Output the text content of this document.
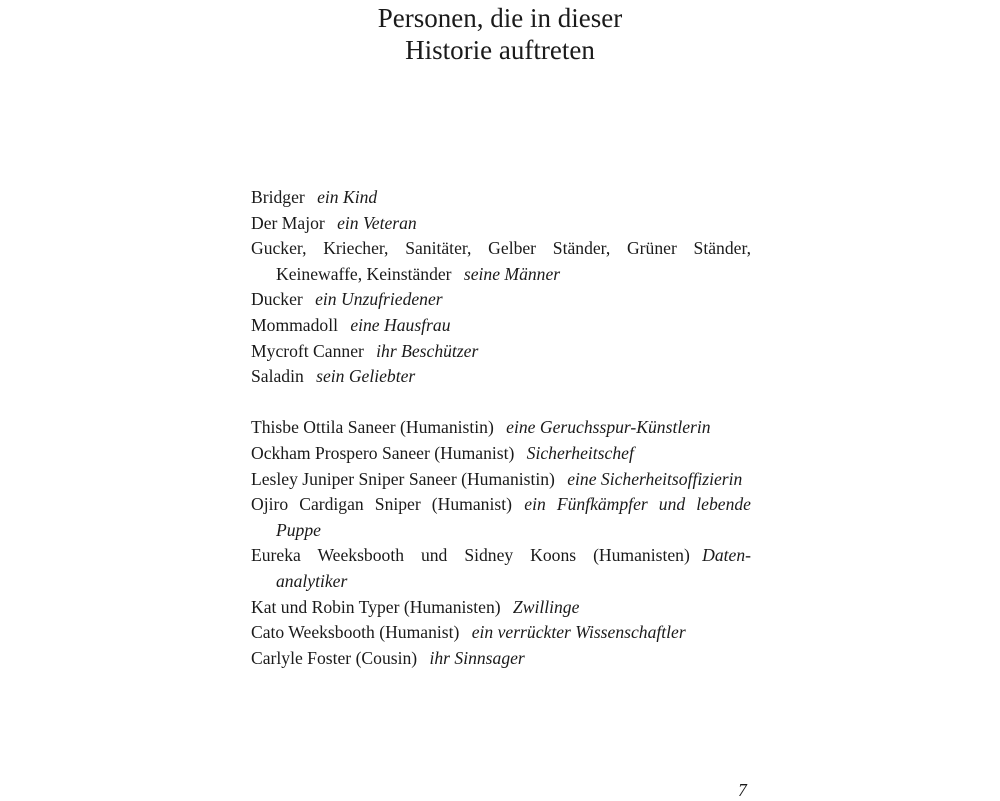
Personen, die in dieser
Historie auftreten
Bridger ein Kind
Der Major ein Veteran
Gucker, Kriecher, Sanitäter, Gelber Ständer, Grüner Ständer, Keinewaffe, Keinständer seine Männer
Ducker ein Unzufriedener
Mommadoll eine Hausfrau
Mycroft Canner ihr Beschützer
Saladin sein Geliebter
Thisbe Ottila Saneer (Humanistin) eine Geruchsspur-Künstlerin
Ockham Prospero Saneer (Humanist) Sicherheitschef
Lesley Juniper Sniper Saneer (Humanistin) eine Sicherheitsoffizierin
Ojiro Cardigan Sniper (Humanist) ein Fünfkämpfer und lebende Puppe
Eureka Weeksbooth und Sidney Koons (Humanisten) Datenanalytiker
Kat und Robin Typer (Humanisten) Zwillinge
Cato Weeksbooth (Humanist) ein verrückter Wissenschaftler
Carlyle Foster (Cousin) ihr Sinnsager
7
